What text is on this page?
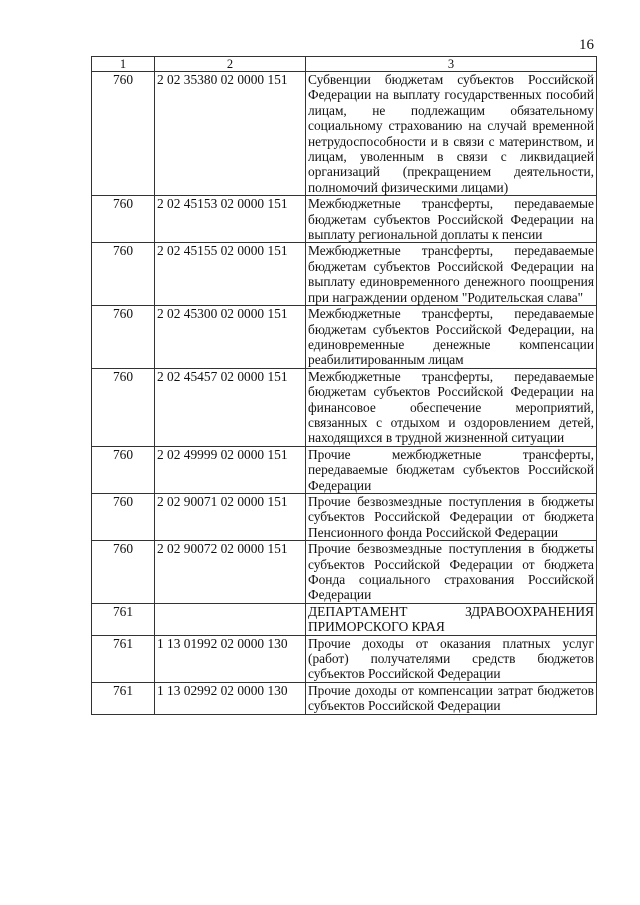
16
1	2	3
760	2 02 35380 02 0000 151	Субвенции бюджетам субъектов Российской Федерации на выплату государственных пособий лицам, не подлежащим обязательному социальному страхованию на случай временной нетрудоспособности и в связи с материнством, и лицам, уволенным в связи с ликвидацией организаций (прекращением деятельности, полномочий физическими лицами)
760	2 02 45153 02 0000 151	Межбюджетные трансферты, передаваемые бюджетам субъектов Российской Федерации на выплату региональной доплаты к пенсии
760	2 02 45155 02 0000 151	Межбюджетные трансферты, передаваемые бюджетам субъектов Российской Федерации на выплату единовременного денежного поощрения при награждении орденом "Родительская слава"
760	2 02 45300 02 0000 151	Межбюджетные трансферты, передаваемые бюджетам субъектов Российской Федерации, на единовременные денежные компенсации реабилитированным лицам
760	2 02 45457 02 0000 151	Межбюджетные трансферты, передаваемые бюджетам субъектов Российской Федерации на финансовое обеспечение мероприятий, связанных с отдыхом и оздоровлением детей, находящихся в трудной жизненной ситуации
760	2 02 49999 02 0000 151	Прочие межбюджетные трансферты, передаваемые бюджетам субъектов Российской Федерации
760	2 02 90071 02 0000 151	Прочие безвозмездные поступления в бюджеты субъектов Российской Федерации от бюджета Пенсионного фонда Российской Федерации
760	2 02 90072 02 0000 151	Прочие безвозмездные поступления в бюджеты субъектов Российской Федерации от бюджета Фонда социального страхования Российской Федерации
761		ДЕПАРТАМЕНТ ЗДРАВООХРАНЕНИЯ ПРИМОРСКОГО КРАЯ
761	1 13 01992 02 0000 130	Прочие доходы от оказания платных услуг (работ) получателями средств бюджетов субъектов Российской Федерации
761	1 13 02992 02 0000 130	Прочие доходы от компенсации затрат бюджетов субъектов Российской Федерации
